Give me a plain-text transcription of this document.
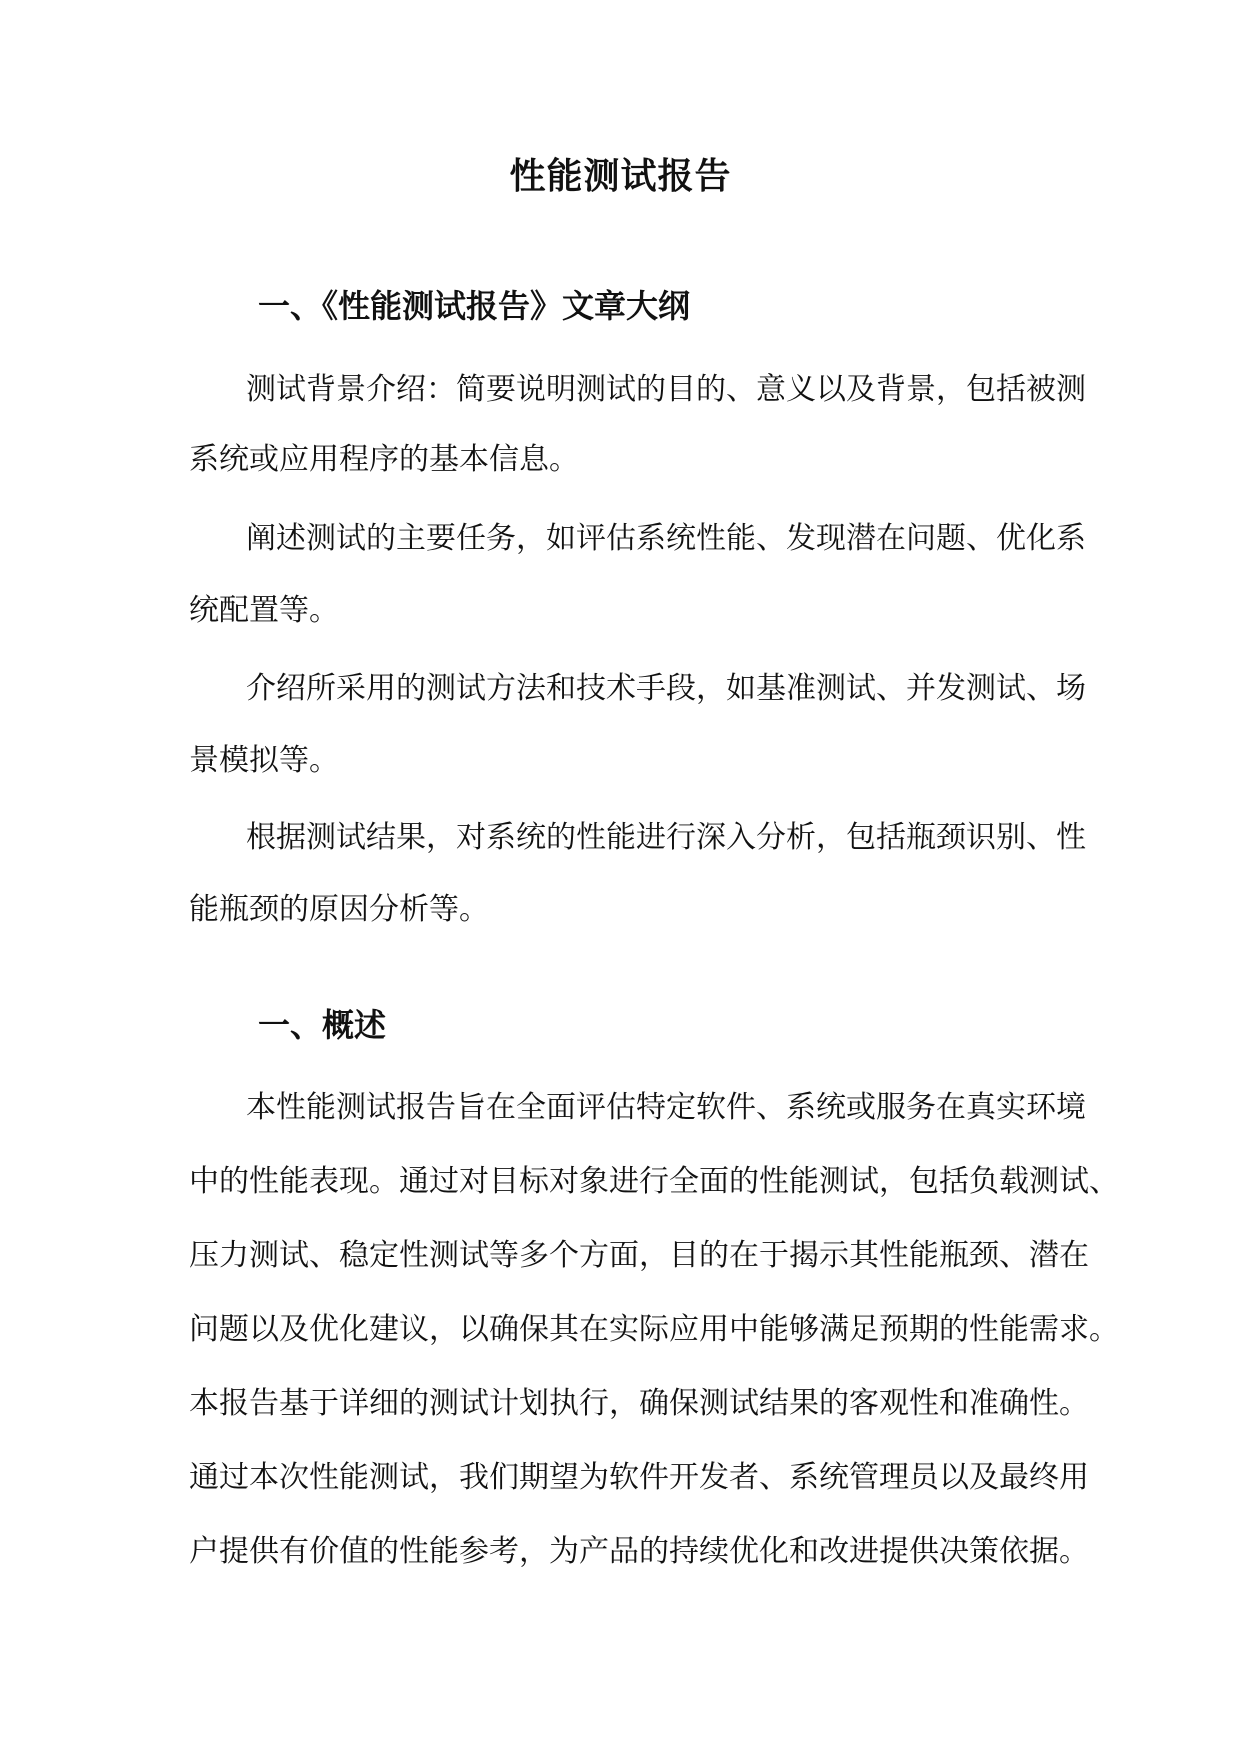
性能测试报告
一、《性能测试报告》文章大纲

测试背景介绍：简要说明测试的目的、意义以及背景，包括被测

系统或应用程序的基本信息。

阐述测试的主要任务，如评估系统性能、发现潜在问题、优化系

统配置等。

介绍所采用的测试方法和技术手段，如基准测试、并发测试、场

景模拟等。

根据测试结果，对系统的性能进行深入分析，包括瓶颈识别、性

能瓶颈的原因分析等。

一、概述

本性能测试报告旨在全面评估特定软件、系统或服务在真实环境

中的性能表现。通过对目标对象进行全面的性能测试，包括负载测试、

压力测试、稳定性测试等多个方面，目的在于揭示其性能瓶颈、潜在

问题以及优化建议，以确保其在实际应用中能够满足预期的性能需求。

本报告基于详细的测试计划执行，确保测试结果的客观性和准确性。

通过本次性能测试，我们期望为软件开发者、系统管理员以及最终用

户提供有价值的性能参考，为产品的持续优化和改进提供决策依据。
